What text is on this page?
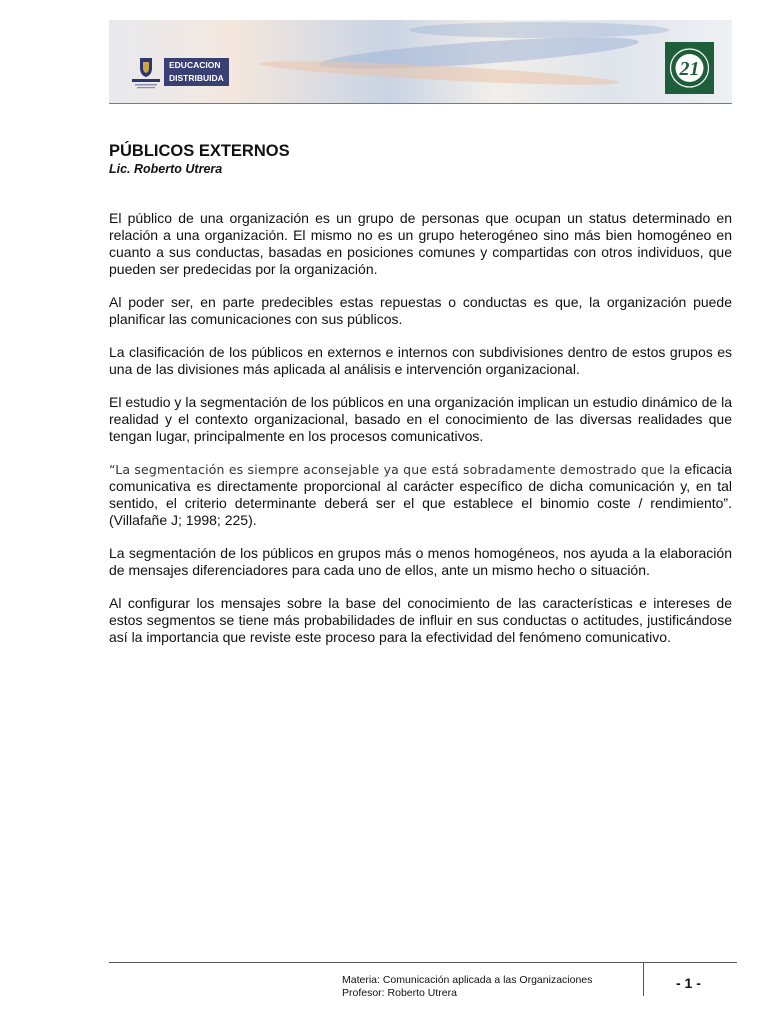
EDUCACION
DISTRIBUIDA	21
PÚBLICOS EXTERNOS
Lic. Roberto Utrera

El público de una organización es un grupo de personas que ocupan un status determinado en relación a una organización. El mismo no es un grupo heterogéneo sino más bien homogéneo en cuanto a sus conductas, basadas en posiciones comunes y compartidas con otros individuos, que pueden ser predecidas por la organización.

Al poder ser, en parte predecibles estas repuestas o conductas es que, la organización puede planificar las comunicaciones con sus públicos.

La clasificación de los públicos en externos e internos con subdivisiones dentro de estos grupos es una de las divisiones más aplicada al análisis e intervención organizacional.

El estudio y la segmentación de los públicos en una organización implican un estudio dinámico de la realidad y el contexto organizacional, basado en el conocimiento de las diversas realidades que tengan lugar, principalmente en los procesos comunicativos.

“La segmentación es siempre aconsejable ya que está sobradamente demostrado que la eficacia comunicativa es directamente proporcional al carácter específico de dicha comunicación y, en tal sentido, el criterio determinante deberá ser el que establece el binomio coste / rendimiento”. (Villafañe J; 1998; 225).

La segmentación de los públicos en grupos más o menos homogéneos, nos ayuda a la elaboración de mensajes diferenciadores para cada uno de ellos, ante un mismo hecho o situación.

Al configurar los mensajes sobre la base del conocimiento de las características e intereses de estos segmentos se tiene más probabilidades de influir en sus conductas o actitudes, justificándose así la importancia que reviste este proceso para la efectividad del fenómeno comunicativo.

Materia: Comunicación aplicada a las Organizaciones
Profesor: Roberto Utrera
- 1 -
